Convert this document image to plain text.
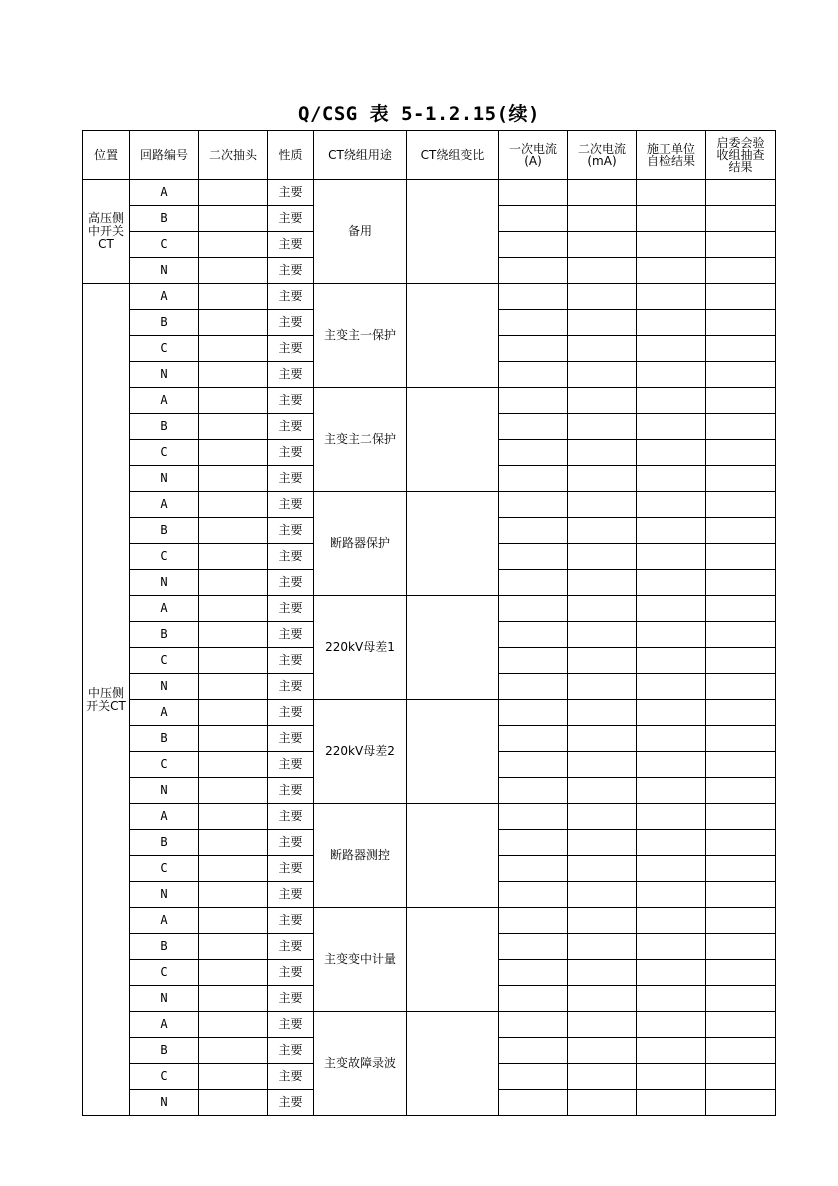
Q/CSG 表 5-1.2.15(续)
位置	回路编号	二次抽头	性质	CT绕组用途	CT绕组变比	一次电流(A)	二次电流(mA)	施工单位自检结果	启委会验收组抽查结果
高压侧中开关CT	A		主要	备用					
	B		主要						
	C		主要						
	N		主要						
中压侧开关CT	A		主要	主变主一保护					
	B		主要						
	C		主要						
	N		主要						
	A		主要	主变主二保护					
	B		主要						
	C		主要						
	N		主要						
	A		主要	断路器保护					
	B		主要						
	C		主要						
	N		主要						
	A		主要	220kV母差1					
	B		主要						
	C		主要						
	N		主要						
	A		主要	220kV母差2					
	B		主要						
	C		主要						
	N		主要						
	A		主要	断路器测控					
	B		主要						
	C		主要						
	N		主要						
	A		主要	主变变中计量					
	B		主要						
	C		主要						
	N		主要						
	A		主要	主变故障录波					
	B		主要						
	C		主要						
	N		主要						
